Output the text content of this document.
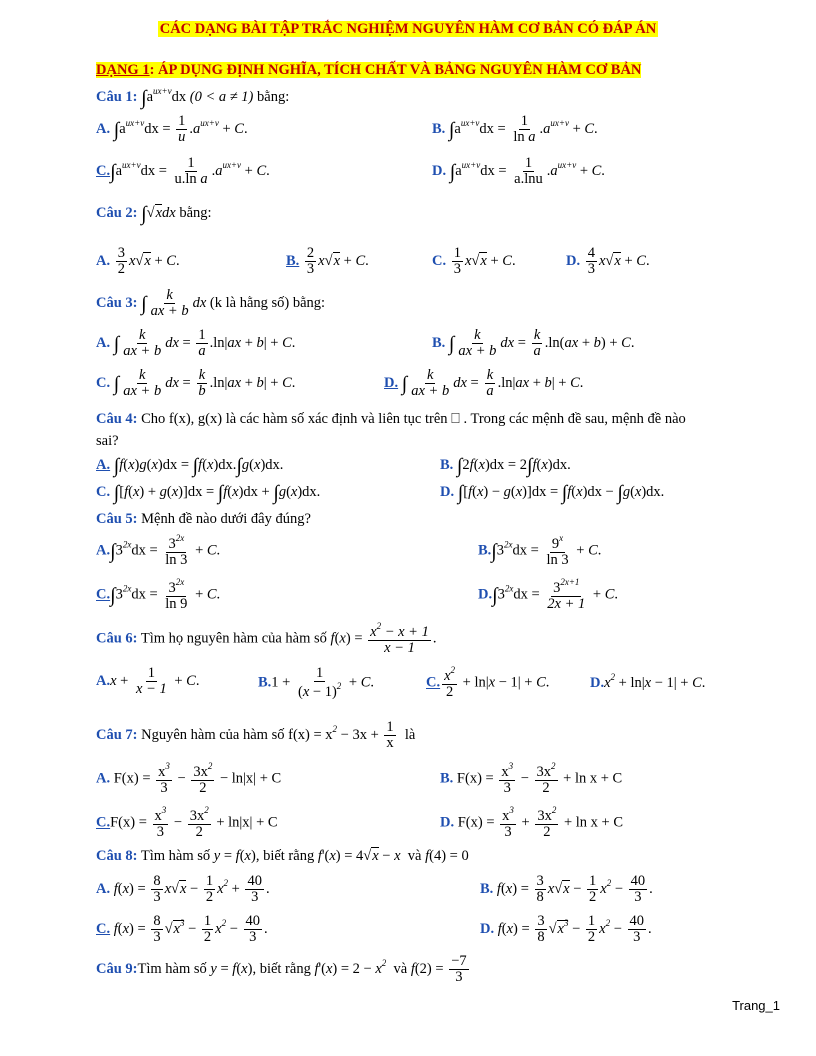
CÁC DẠNG BÀI TẬP TRẮC NGHIỆM NGUYÊN HÀM CƠ BẢN CÓ ĐÁP ÁN
DẠNG 1: ÁP DỤNG ĐỊNH NGHĨA, TÍCH CHẤT VÀ BẢNG NGUYÊN HÀM CƠ BẢN
Câu 1: $\int a^{ux+v}dx$ (0 < a ≠ 1) bằng:
A. $\int a^{ux+v}dx = \frac{1}{u} .a^{ux+v} + C$.	B. $\int a^{ux+v}dx = \frac{1}{\text{ln a}} .a^{ux+v} + C$.
$C.\int a^{ux+v}dx = \frac{1}{\text{u.ln a}} .a^{ux+v} + C$.	D. $\int a^{ux+v}dx = \frac{1}{a.\ln u} .a^{ux+v} + C$.
Câu 2: ∫√xdx bằng:
A. $\frac{3}{2} x√x + C$.	B. $\frac{2}{3} x√x + C$.	C. $\frac{1}{3} x√x + C$.	D. $\frac{4}{3} x√x + C$.
Câu 3: ∫ $\frac{k}{ax + b}$ dx (k là hằng số) bằng:
A. ∫ $\frac{k}{ax + b}$ dx = $\frac{1}{a} .\ln|ax + b| + C$.	B. ∫ $\frac{k}{ax + b}$ dx = $\frac{k}{a} .\ln(ax + b) + C$.
C. ∫ $\frac{k}{ax + b}$ dx = $\frac{k}{b} .\ln|ax + b| + C$.	D. ∫ $\frac{k}{ax + b}$ dx = $\frac{k}{a} .\ln|ax + b| + C$.
Câu 4: Cho f(x), g(x) là các hàm số xác định và liên tục trên ⎕ . Trong các mệnh đề sau, mệnh đề nào
sai?
A. ∫f(x)g(x)dx = ∫f(x)dx.∫g(x)dx.	B. ∫2f(x)dx = 2∫f(x)dx.
C. ∫[f(x) + g(x)]dx = ∫f(x)dx + ∫g(x)dx.	D. ∫[f(x) − g(x)]dx = ∫f(x)dx − ∫g(x)dx.
Câu 5: Mệnh đề nào dưới đây đúng?
$A.\int 3^{2x}dx = \frac{3^{2x}}{\ln 3} + C$.	$B.\int 3^{2x}dx = \frac{9^x}{\ln 3} + C$.
$C.\int 3^{2x}dx = \frac{3^{2x}}{\ln 9} + C$.	$D.\int 3^{2x}dx = \frac{3^{2x+1}}{2x + 1} + C$.
Câu 6: Tìm họ nguyên hàm của hàm số $f(x) = \frac{x^2 - x + 1}{x - 1}$ .
$A.x + \frac{1}{x - 1} + C$.	$B.1 + \frac{1}{(x - 1)^2} + C$.	C. $\frac{x^2}{2} + \ln|x - 1| + C$.	$D.x^2 + \ln|x - 1| + C$.
Câu 7: Nguyên hàm của hàm số $f(x) = x^2 - 3x + \frac{1}{x}$ là
A. $F(x) = \frac{x^3}{3} - \frac{3x^2}{2} - \ln|x| + C$	B. $F(x) = \frac{x^3}{3} - \frac{3x^2}{2} + \ln x + C$
$C.F(x) = \frac{x^3}{3} - \frac{3x^2}{2} + \ln|x| + C$	D. $F(x) = \frac{x^3}{3} + \frac{3x^2}{2} + \ln x + C$
Câu 8: Tìm hàm số y = f(x), biết rằng f'(x) = 4√x − x và f(4) = 0
A. $f(x) = \frac{8}{3} x√x - \frac{1}{2} x^2 + \frac{40}{3}$ .	B. $f(x) = \frac{3}{8} x√x - \frac{1}{2} x^2 - \frac{40}{3}$ .
C. $f(x) = \frac{8}{3} √x^3 - \frac{1}{2} x^2 - \frac{40}{3}$ .	D. $f(x) = \frac{3}{8} √x^3 - \frac{1}{2} x^2 - \frac{40}{3}$ .
Câu 9:Tìm hàm số y = f(x), biết rằng $f'(x) = 2 - x^2$ và $f(2) = \frac{-7}{3}$
Trang_1
